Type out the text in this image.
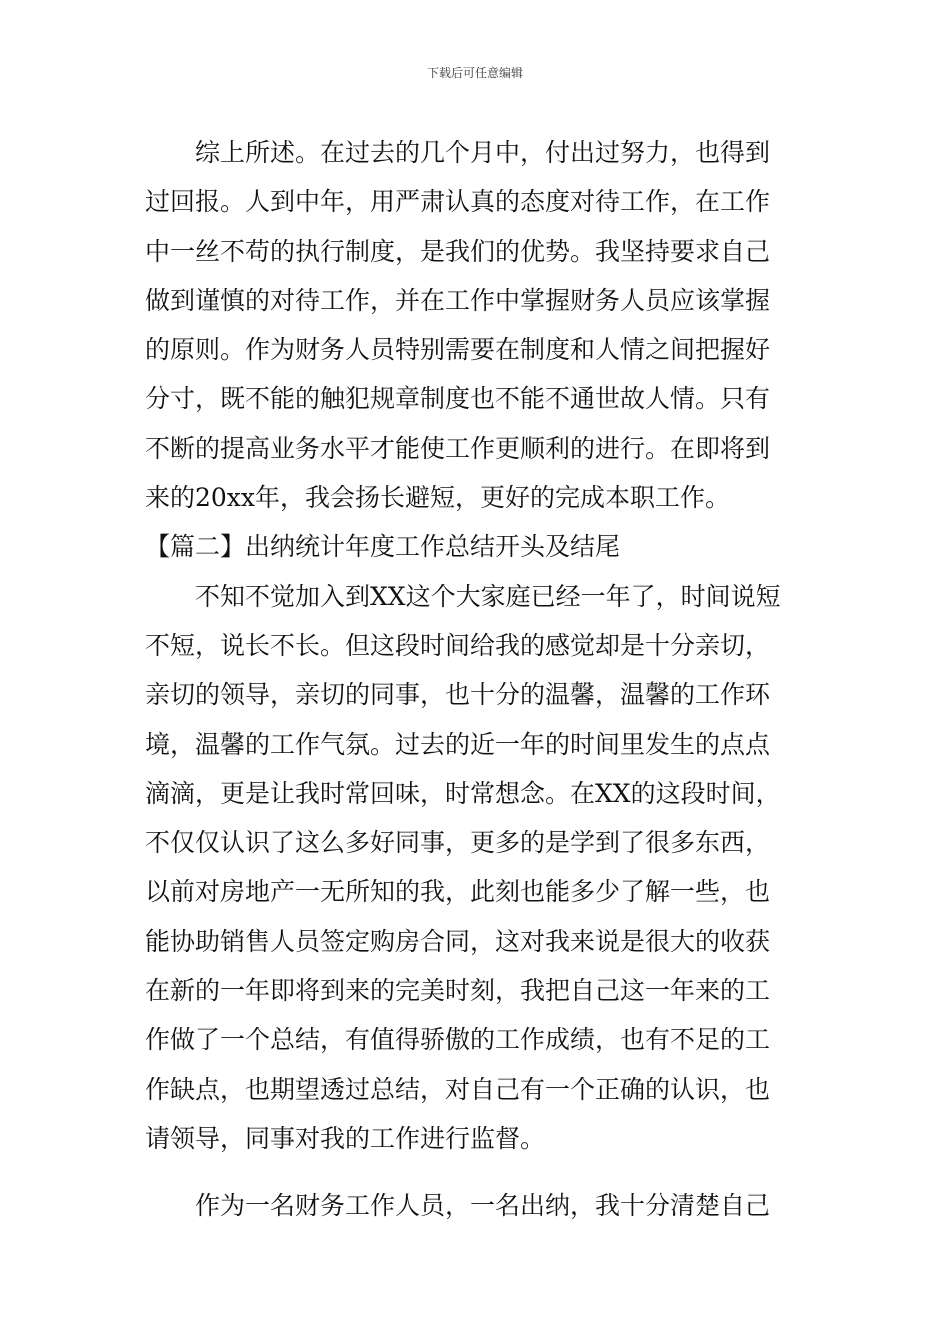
下载后可任意编辑
　　综上所述。在过去的几个月中，付出过努力，也得到
过回报。人到中年，用严肃认真的态度对待工作，在工作
中一丝不苟的执行制度，是我们的优势。我坚持要求自己
做到谨慎的对待工作，并在工作中掌握财务人员应该掌握
的原则。作为财务人员特别需要在制度和人情之间把握好
分寸，既不能的触犯规章制度也不能不通世故人情。只有
不断的提高业务水平才能使工作更顺利的进行。在即将到
来的20xx年，我会扬长避短，更好的完成本职工作。
【篇二】出纳统计年度工作总结开头及结尾
　　不知不觉加入到XX这个大家庭已经一年了，时间说短
不短，说长不长。但这段时间给我的感觉却是十分亲切，
亲切的领导，亲切的同事，也十分的温馨，温馨的工作环
境，温馨的工作气氛。过去的近一年的时间里发生的点点
滴滴，更是让我时常回味，时常想念。在XX的这段时间，
不仅仅认识了这么多好同事，更多的是学到了很多东西，
以前对房地产一无所知的我，此刻也能多少了解一些，也
能协助销售人员签定购房合同，这对我来说是很大的收获
在新的一年即将到来的完美时刻，我把自己这一年来的工
作做了一个总结，有值得骄傲的工作成绩，也有不足的工
作缺点，也期望透过总结，对自己有一个正确的认识，也
请领导，同事对我的工作进行监督。
　　作为一名财务工作人员，一名出纳，我十分清楚自己
